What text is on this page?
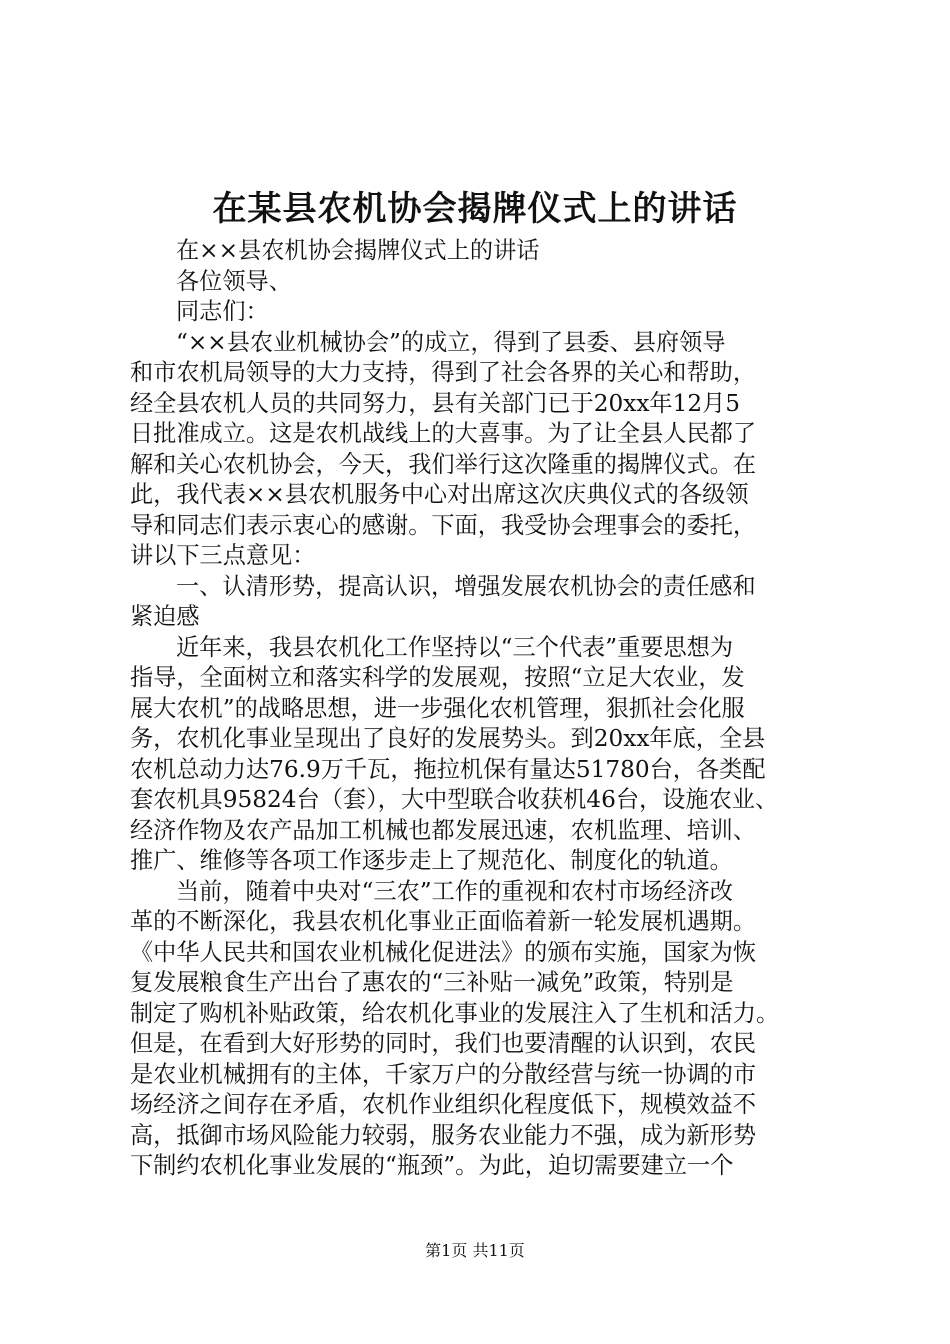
在某县农机协会揭牌仪式上的讲话
在××县农机协会揭牌仪式上的讲话
各位领导、
同志们：
“××县农业机械协会”的成立，得到了县委、县府领导
和市农机局领导的大力支持，得到了社会各界的关心和帮助，
经全县农机人员的共同努力，县有关部门已于20xx年12月5
日批准成立。这是农机战线上的大喜事。为了让全县人民都了
解和关心农机协会，今天，我们举行这次隆重的揭牌仪式。在
此，我代表××县农机服务中心对出席这次庆典仪式的各级领
导和同志们表示衷心的感谢。下面，我受协会理事会的委托，
讲以下三点意见：
一、认清形势，提高认识，增强发展农机协会的责任感和
紧迫感
近年来，我县农机化工作坚持以“三个代表”重要思想为
指导，全面树立和落实科学的发展观，按照“立足大农业，发
展大农机”的战略思想，进一步强化农机管理，狠抓社会化服
务，农机化事业呈现出了良好的发展势头。到20xx年底，全县
农机总动力达76.9万千瓦，拖拉机保有量达51780台，各类配
套农机具95824台（套），大中型联合收获机46台，设施农业、
经济作物及农产品加工机械也都发展迅速，农机监理、培训、
推广、维修等各项工作逐步走上了规范化、制度化的轨道。
当前，随着中央对“三农”工作的重视和农村市场经济改
革的不断深化，我县农机化事业正面临着新一轮发展机遇期。
《中华人民共和国农业机械化促进法》的颁布实施，国家为恢
复发展粮食生产出台了惠农的“三补贴一减免”政策，特别是
制定了购机补贴政策，给农机化事业的发展注入了生机和活力。
但是，在看到大好形势的同时，我们也要清醒的认识到，农民
是农业机械拥有的主体，千家万户的分散经营与统一协调的市
场经济之间存在矛盾，农机作业组织化程度低下，规模效益不
高，抵御市场风险能力较弱，服务农业能力不强，成为新形势
下制约农机化事业发展的“瓶颈”。为此，迫切需要建立一个
第1页 共11页
